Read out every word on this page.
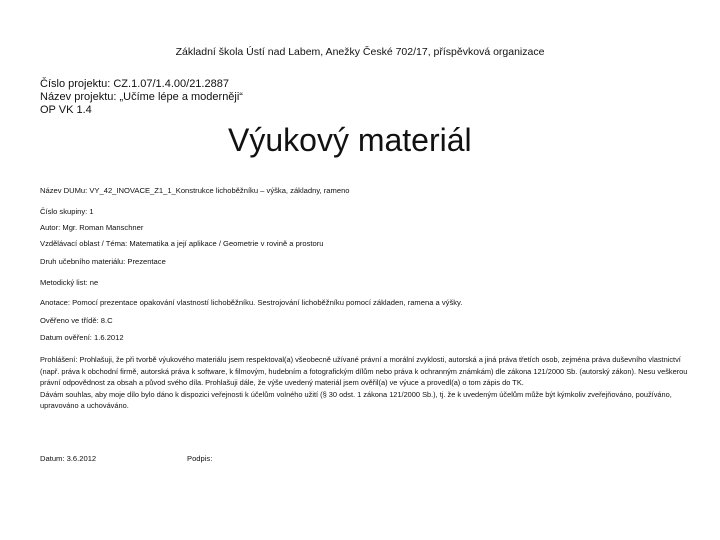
Základní škola Ústí nad Labem, Anežky České 702/17, příspěvková organizace
Číslo projektu: CZ.1.07/1.4.00/21.2887
Název projektu: „Učíme lépe a moderněji“
OP VK 1.4
Výukový materiál
Název DUMu: VY_42_INOVACE_Z1_1_Konstrukce lichoběžníku – výška, základny, rameno
Číslo skupiny: 1
Autor: Mgr. Roman Manschner
Vzdělávací oblast / Téma: Matematika a její aplikace / Geometrie v rovině a prostoru
Druh učebního materiálu: Prezentace
Metodický list: ne
Anotace: Pomocí prezentace opakování vlastností lichoběžníku. Sestrojování lichoběžníku pomocí základen, ramena a výšky.
Ověřeno ve třídě: 8.C
Datum ověření: 1.6.2012
Prohlášení: Prohlašuji, že při tvorbě výukového materiálu jsem respektoval(a) všeobecně užívané právní a morální zvyklosti, autorská a jiná práva třetích osob, zejména práva duševního vlastnictví (např. práva k obchodní firmě, autorská práva k software, k filmovým, hudebním a fotografickým dílům nebo práva k ochranným známkám) dle zákona 121/2000 Sb. (autorský zákon). Nesu veškerou právní odpovědnost za obsah a původ svého díla. Prohlašuji dále, že výše uvedený materiál jsem ověřil(a) ve výuce a provedl(a) o tom zápis do TK.
Dávám souhlas, aby moje dílo bylo dáno k dispozici veřejnosti k účelům volného užití (§ 30 odst. 1 zákona 121/2000 Sb.), tj. že k uvedeným účelům může být kýmkoliv zveřejňováno, používáno, upravováno a uchováváno.
Datum: 3.6.2012	Podpis:
